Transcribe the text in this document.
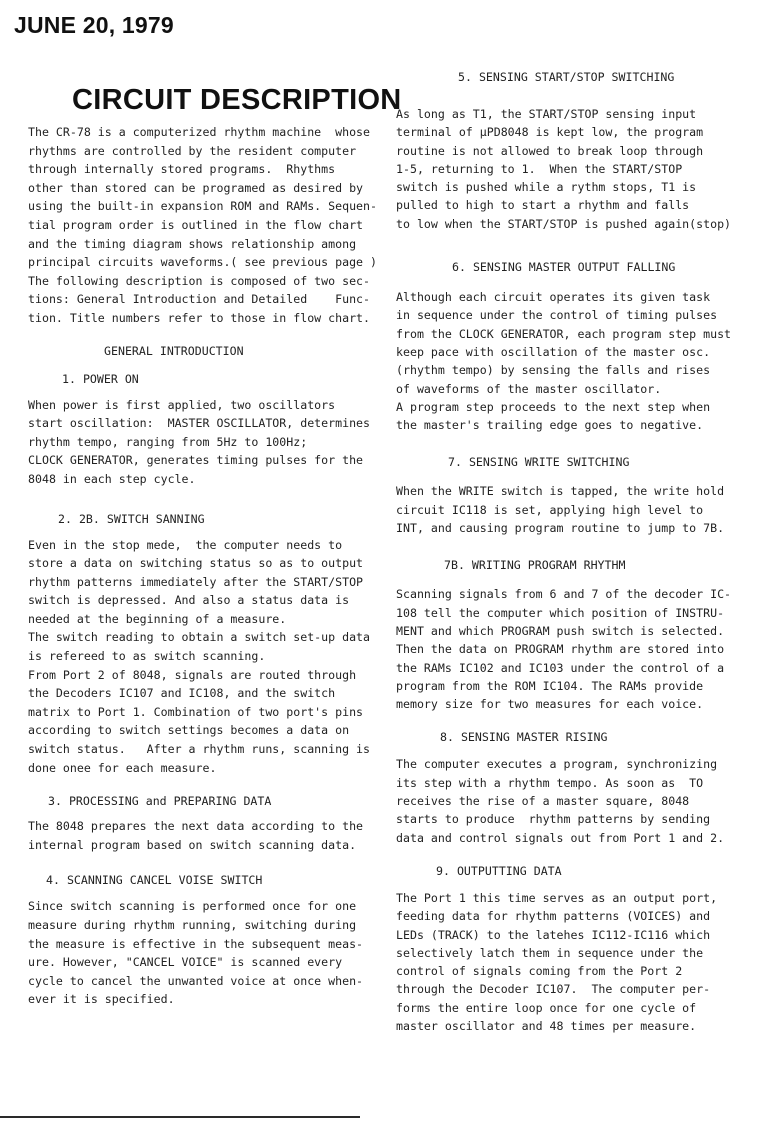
JUNE 20, 1979
CIRCUIT DESCRIPTION

The CR-78 is a computerized rhythm machine  whose
rhythms are controlled by the resident computer
through internally stored programs.  Rhythms
other than stored can be programed as desired by
using the built-in expansion ROM and RAMs. Sequen-
tial program order is outlined in the flow chart
and the timing diagram shows relationship among
principal circuits waveforms.( see previous page )
The following description is composed of two sec-
tions: General Introduction and Detailed    Func-
tion. Title numbers refer to those in flow chart.

GENERAL INTRODUCTION

1. POWER ON

When power is first applied, two oscillators
start oscillation:  MASTER OSCILLATOR, determines
rhythm tempo, ranging from 5Hz to 100Hz;
CLOCK GENERATOR, generates timing pulses for the
8048 in each step cycle.

2. 2B. SWITCH SANNING

Even in the stop mede,  the computer needs to
store a data on switching status so as to output
rhythm patterns immediately after the START/STOP
switch is depressed. And also a status data is
needed at the beginning of a measure.
The switch reading to obtain a switch set-up data
is refereed to as switch scanning.
From Port 2 of 8048, signals are routed through
the Decoders IC107 and IC108, and the switch
matrix to Port 1. Combination of two port's pins
according to switch settings becomes a data on
switch status.   After a rhythm runs, scanning is
done onee for each measure.

3. PROCESSING and PREPARING DATA

The 8048 prepares the next data according to the
internal program based on switch scanning data.

4. SCANNING CANCEL VOISE SWITCH

Since switch scanning is performed once for one
measure during rhythm running, switching during
the measure is effective in the subsequent meas-
ure. However, "CANCEL VOICE" is scanned every
cycle to cancel the unwanted voice at once when-
ever it is specified.

5. SENSING START/STOP SWITCHING

As long as T1, the START/STOP sensing input
terminal of µPD8048 is kept low, the program
routine is not allowed to break loop through
1-5, returning to 1.  When the START/STOP
switch is pushed while a rythm stops, T1 is
pulled to high to start a rhythm and falls
to low when the START/STOP is pushed again(stop)

6. SENSING MASTER OUTPUT FALLING

Although each circuit operates its given task
in sequence under the control of timing pulses
from the CLOCK GENERATOR, each program step must
keep pace with oscillation of the master osc.
(rhythm tempo) by sensing the falls and rises
of waveforms of the master oscillator.
A program step proceeds to the next step when
the master's trailing edge goes to negative.

7. SENSING WRITE SWITCHING

When the WRITE switch is tapped, the write hold
circuit IC118 is set, applying high level to
INT, and causing program routine to jump to 7B.

7B. WRITING PROGRAM RHYTHM

Scanning signals from 6 and 7 of the decoder IC-
108 tell the computer which position of INSTRU-
MENT and which PROGRAM push switch is selected.
Then the data on PROGRAM rhythm are stored into
the RAMs IC102 and IC103 under the control of a
program from the ROM IC104. The RAMs provide
memory size for two measures for each voice.

8. SENSING MASTER RISING

The computer executes a program, synchronizing
its step with a rhythm tempo. As soon as  TO
receives the rise of a master square, 8048
starts to produce  rhythm patterns by sending
data and control signals out from Port 1 and 2.

9. OUTPUTTING DATA

The Port 1 this time serves as an output port,
feeding data for rhythm patterns (VOICES) and
LEDs (TRACK) to the latehes IC112-IC116 which
selectively latch them in sequence under the
control of signals coming from the Port 2
through the Decoder IC107.  The computer per-
forms the entire loop once for one cycle of
master oscillator and 48 times per measure.
